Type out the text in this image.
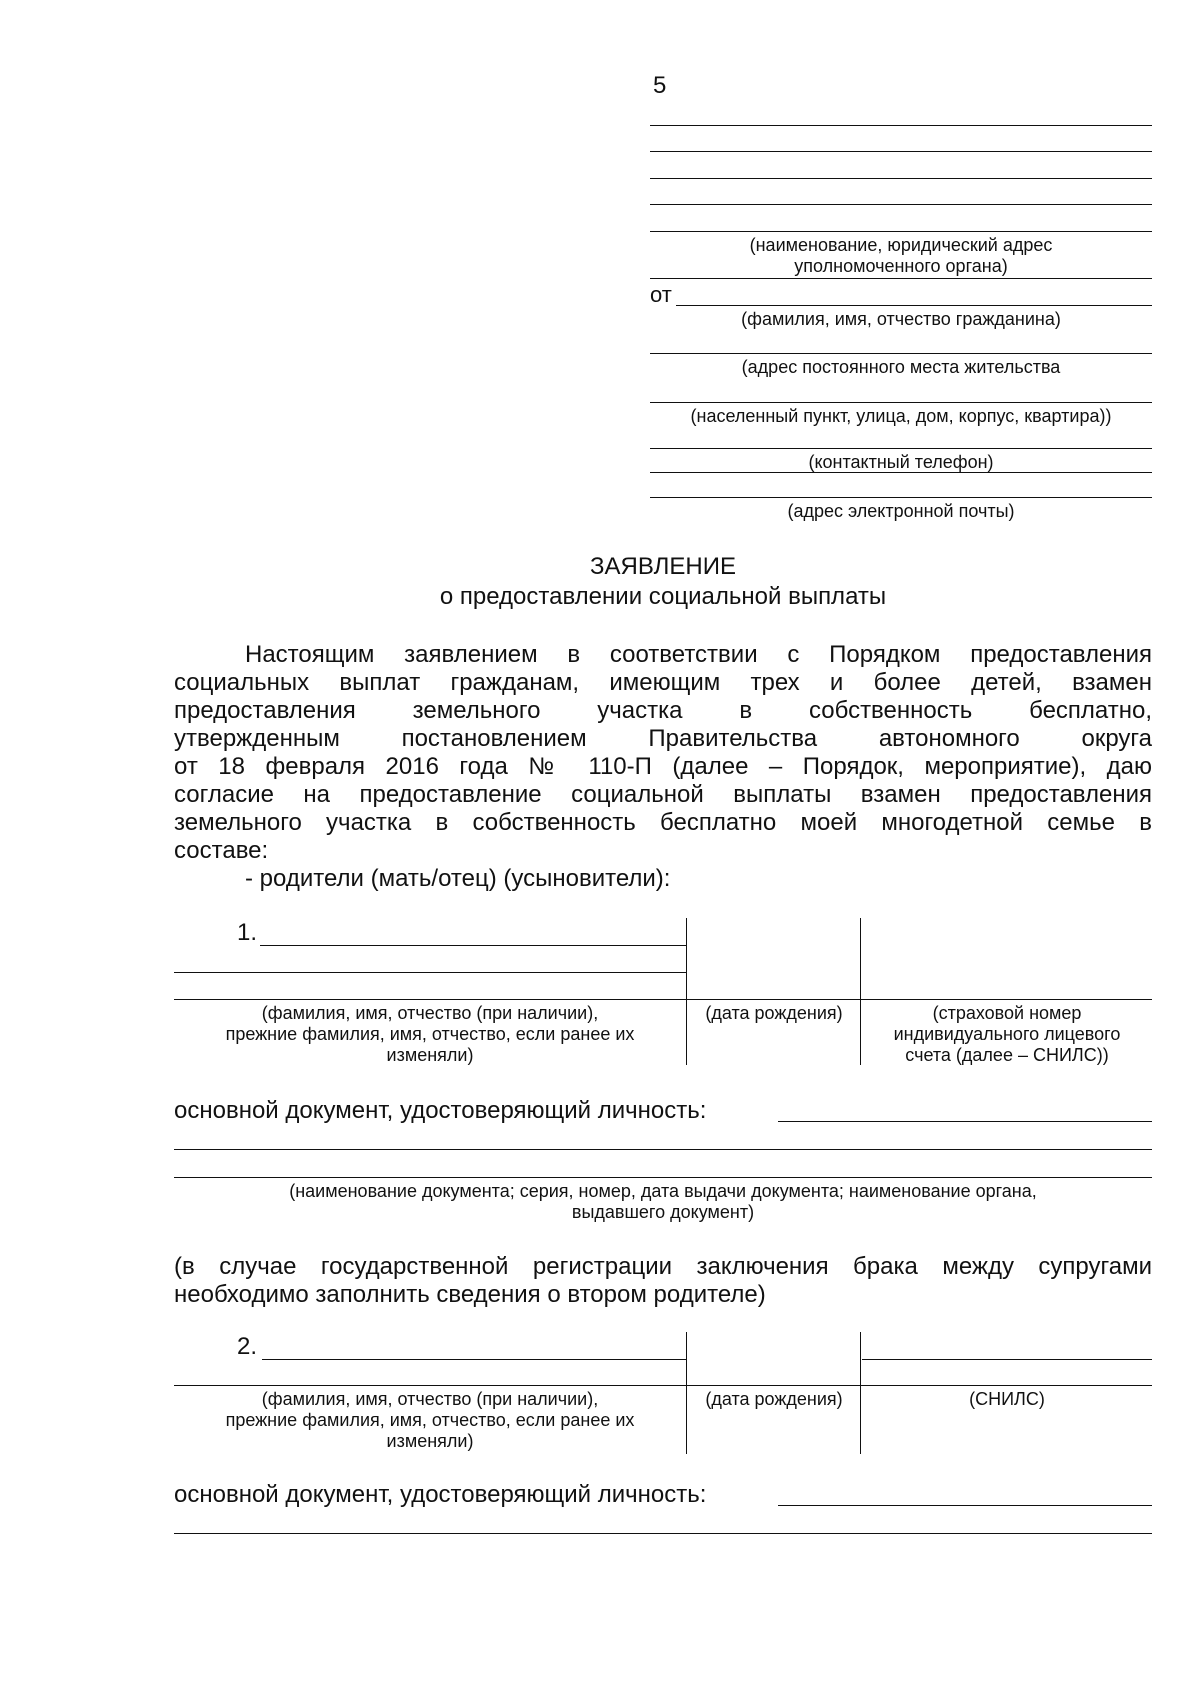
5
(наименование, юридический адрес
уполномоченного органа)
от
(фамилия, имя, отчество гражданина)
(адрес постоянного места жительства
(населенный пункт, улица, дом, корпус, квартира))
(контактный телефон)
(адрес электронной почты)
ЗАЯВЛЕНИЕ
о предоставлении социальной выплаты
Настоящим заявлением в соответствии с Порядком предоставления
социальных выплат гражданам, имеющим трех и более детей, взамен
предоставления земельного участка в собственность бесплатно,
утвержденным постановлением Правительства автономного округа
от 18 февраля 2016 года № 110-П (далее – Порядок, мероприятие), даю
согласие на предоставление социальной выплаты взамен предоставления
земельного участка в собственность бесплатно моей многодетной семье в
составе:
- родители (мать/отец) (усыновители):
1.
(фамилия, имя, отчество (при наличии),
прежние фамилия, имя, отчество, если ранее их
изменяли)
(дата рождения)	(страховой номер
индивидуального лицевого
счета (далее – СНИЛС))
основной документ, удостоверяющий личность:
(наименование документа; серия, номер, дата выдачи документа; наименование органа,
выдавшего документ)
(в случае государственной регистрации заключения брака между супругами
необходимо заполнить сведения о втором родителе)
2.
(фамилия, имя, отчество (при наличии),
прежние фамилия, имя, отчество, если ранее их
изменяли)
(дата рождения)	(СНИЛС)
основной документ, удостоверяющий личность:
